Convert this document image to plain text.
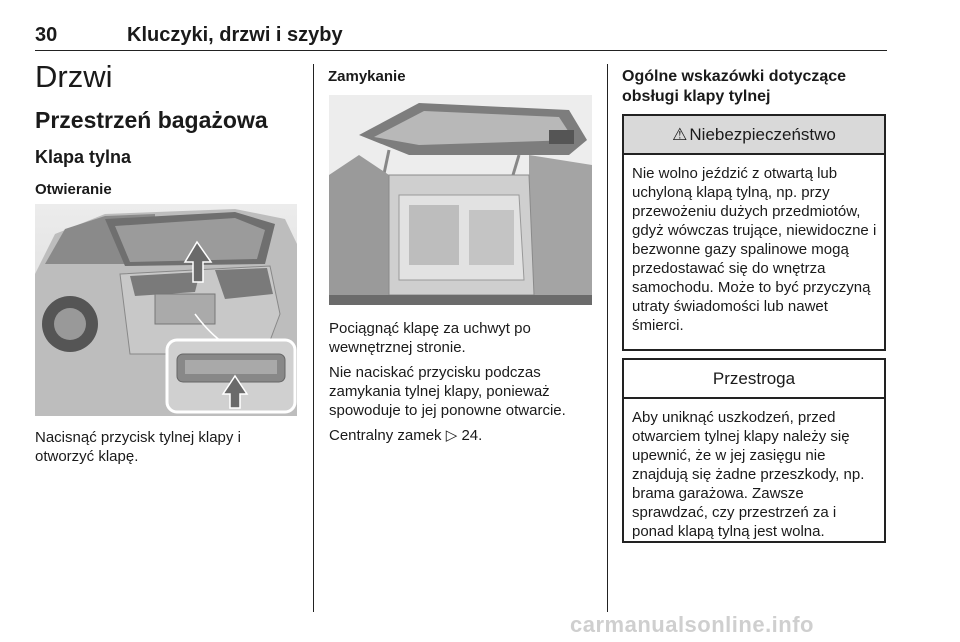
30	Kluczyki, drzwi i szyby
Drzwi
Przestrzeń bagażowa
Klapa tylna
Otwieranie

Nacisnąć przycisk tylnej klapy i otworzyć klapę.

Zamykanie

Pociągnąć klapę za uchwyt po wewnętrznej stronie.

Nie naciskać przycisku podczas zamykania tylnej klapy, ponieważ spowoduje to jej ponowne otwarcie.

Centralny zamek ▷ 24.

Ogólne wskazówki dotyczące obsługi klapy tylnej
⚠ Niebezpieczeństwo
Nie wolno jeździć z otwartą lub uchyloną klapą tylną, np. przy przewożeniu dużych przedmiotów, gdyż wówczas trujące, niewidoczne i bezwonne gazy spalinowe mogą przedostawać się do wnętrza samochodu. Może to być przyczyną utraty świadomości lub nawet śmierci.
Przestroga
Aby uniknąć uszkodzeń, przed otwarciem tylnej klapy należy się upewnić, że w jej zasięgu nie znajdują się żadne przeszkody, np. brama garażowa. Zawsze sprawdzać, czy przestrzeń za i ponad klapą tylną jest wolna.
carmanualsonline.info
